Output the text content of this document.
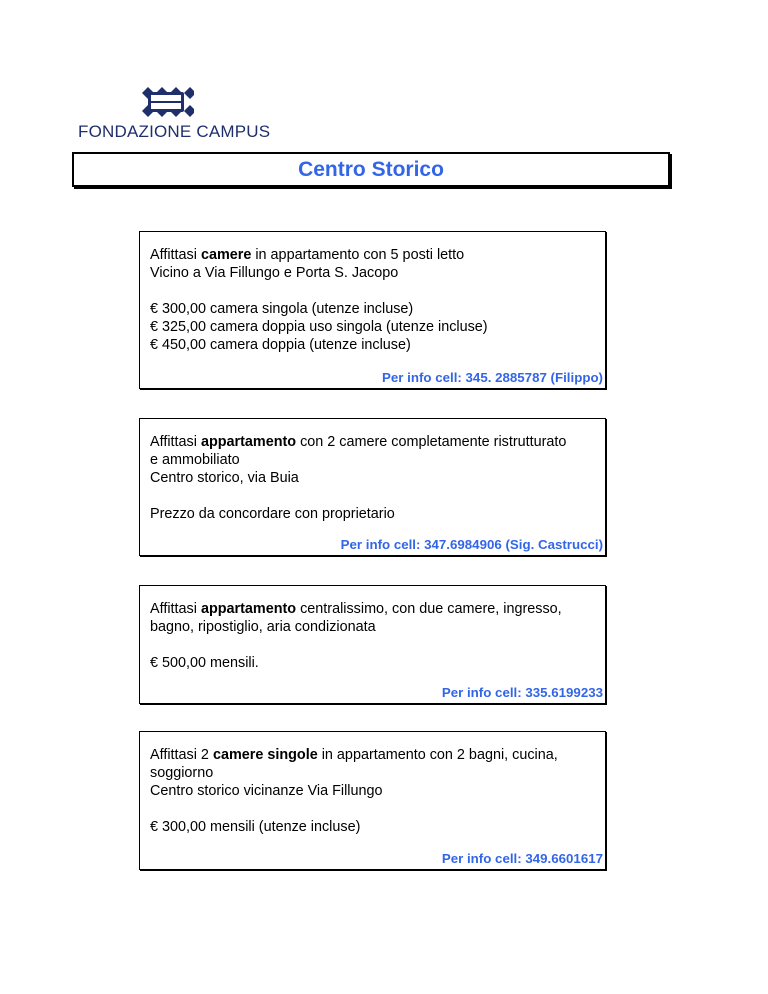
FONDAZIONE CAMPUS
Centro Storico
Affittasi camere in appartamento con 5 posti letto
Vicino a Via Fillungo e Porta S. Jacopo
€ 300,00 camera singola (utenze incluse)
€ 325,00 camera doppia uso singola (utenze incluse)
€ 450,00 camera doppia (utenze incluse)
Per info cell: 345. 2885787 (Filippo)
Affittasi appartamento con 2 camere completamente ristrutturato
e ammobiliato
Centro storico, via Buia
Prezzo da concordare con proprietario
Per info cell: 347.6984906 (Sig. Castrucci)
Affittasi appartamento centralissimo, con due camere, ingresso,
bagno, ripostiglio, aria condizionata
€ 500,00 mensili.
Per info cell: 335.6199233
Affittasi 2 camere singole in appartamento con 2 bagni, cucina,
soggiorno
Centro storico vicinanze Via Fillungo
€ 300,00 mensili (utenze incluse)
Per info cell: 349.6601617
